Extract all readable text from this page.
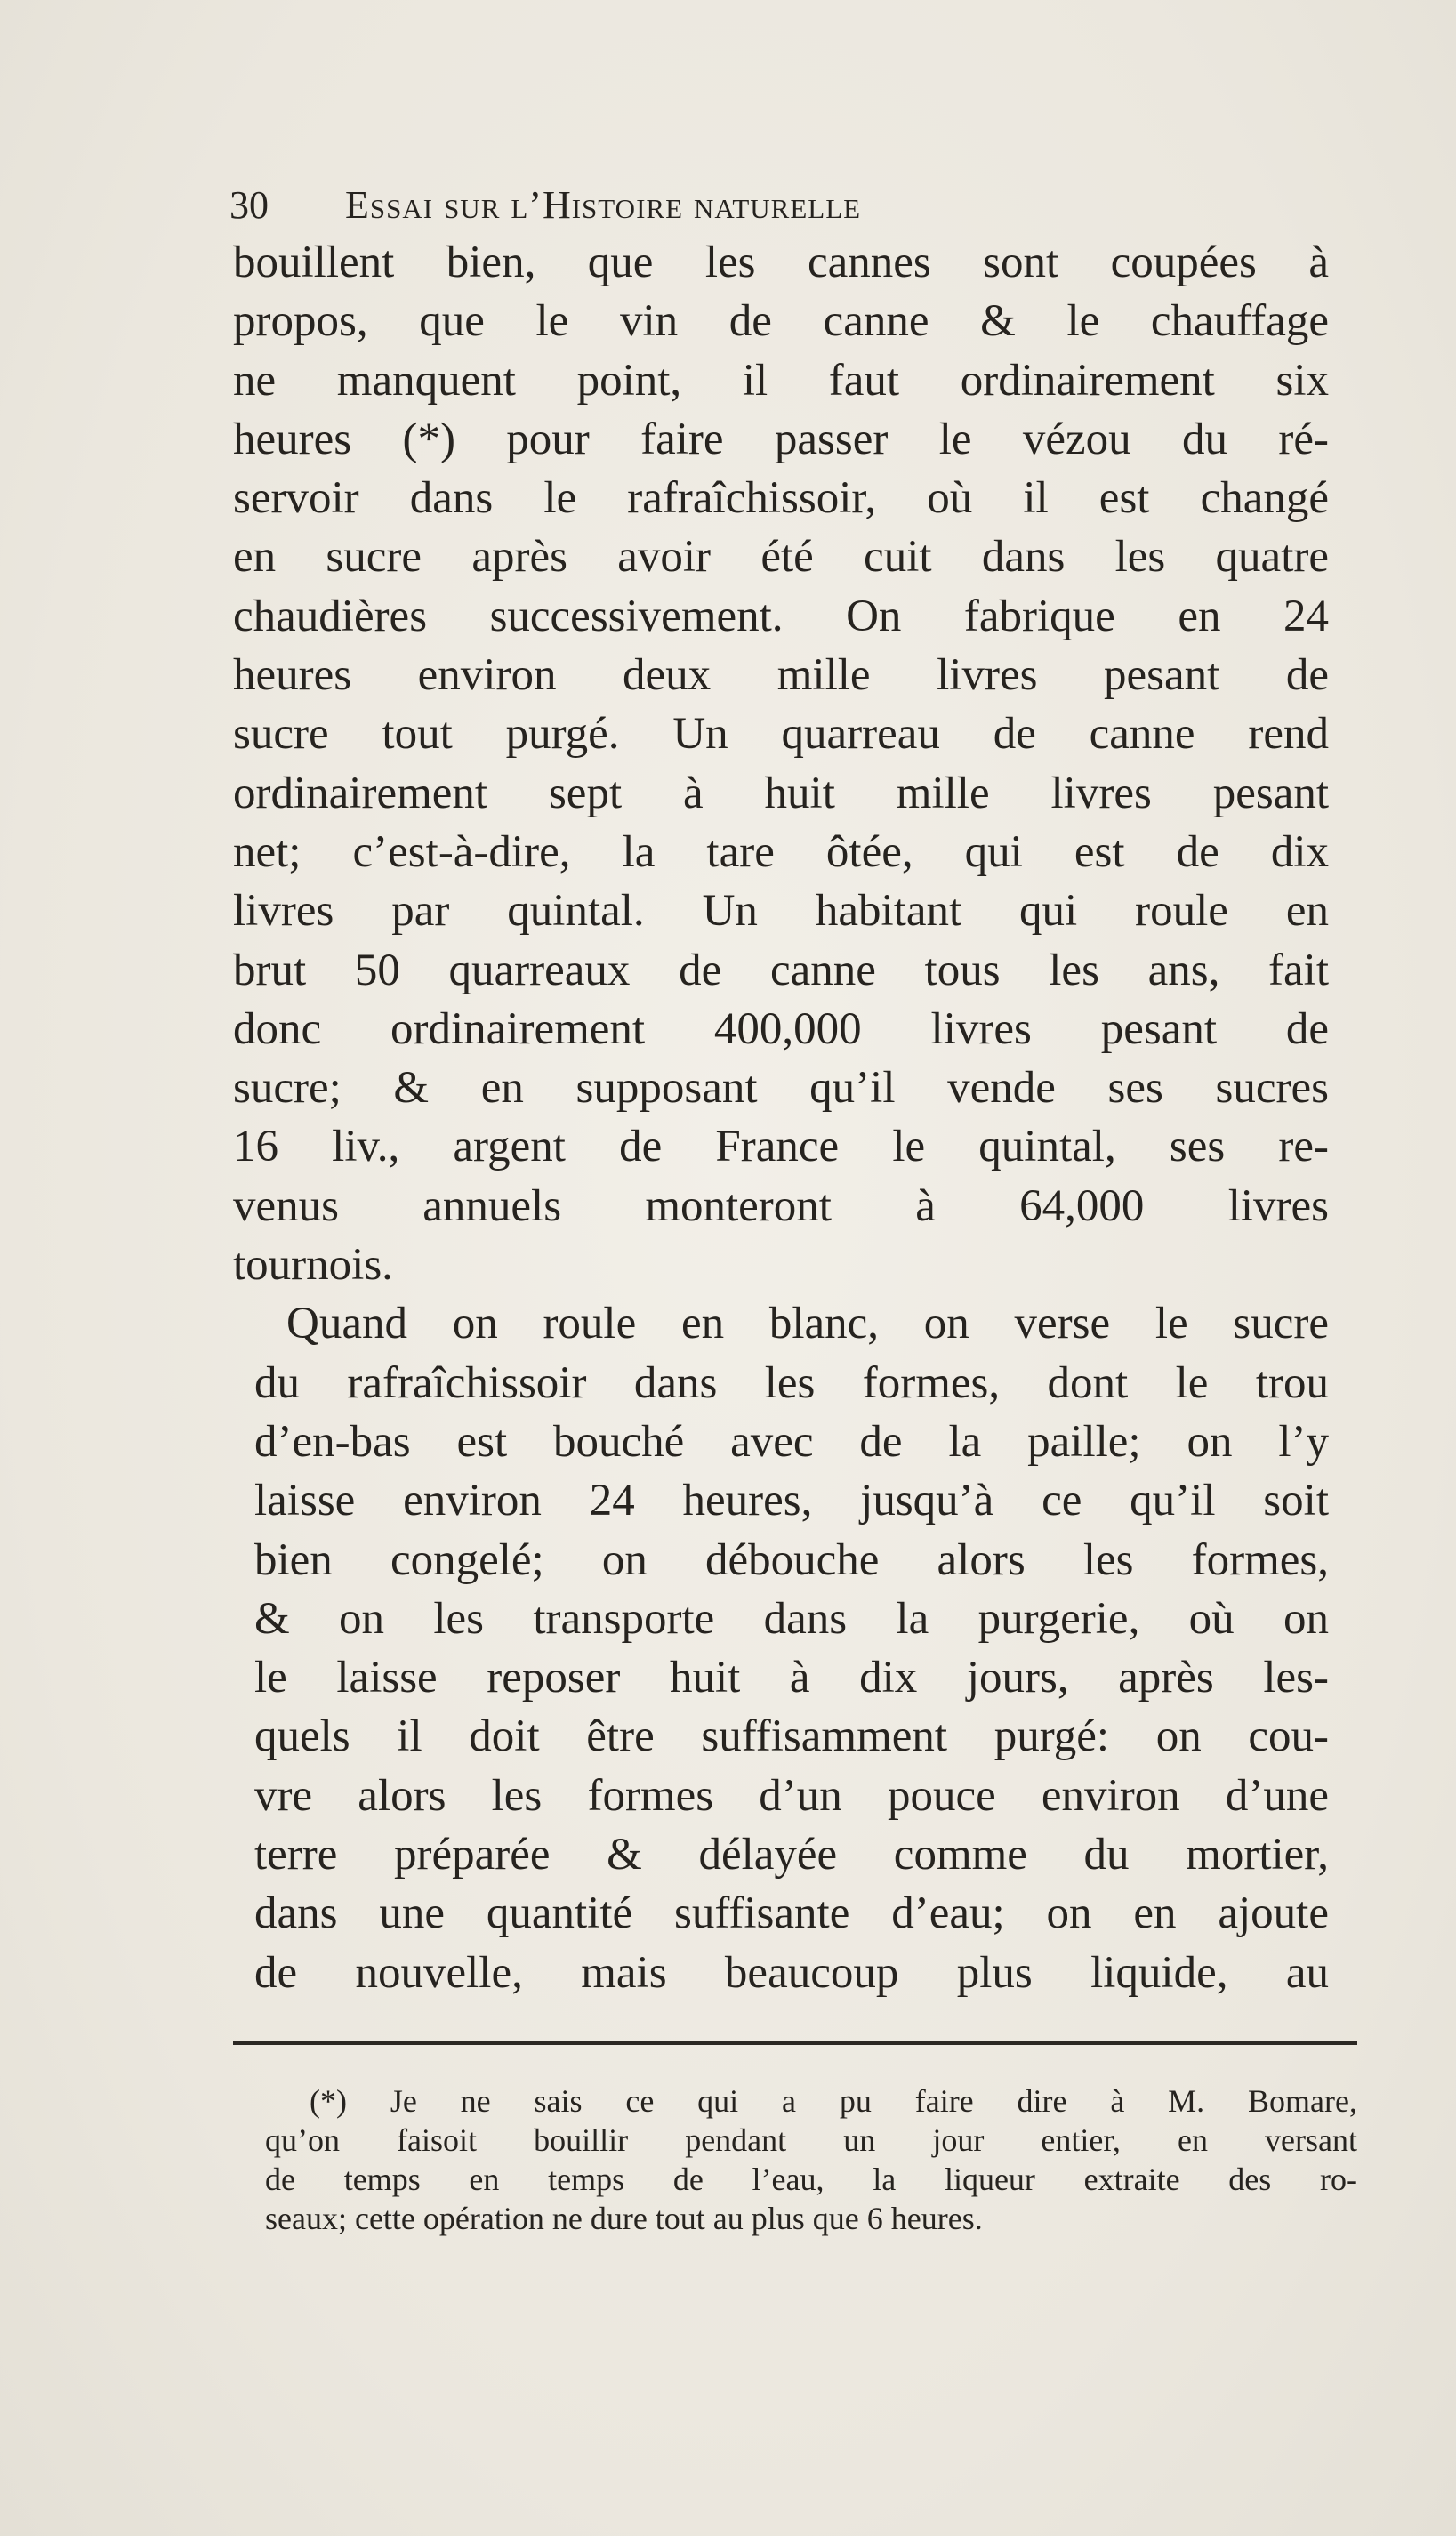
30 Essai sur l’Histoire naturelle
bouillent bien, que les cannes sont coupées à
propos, que le vin de canne & le chauffage
ne manquent point, il faut ordinairement six
heures (*) pour faire passer le vézou du ré-
servoir dans le rafraîchissoir, où il est changé
en sucre après avoir été cuit dans les quatre
chaudières successivement. On fabrique en 24
heures environ deux mille livres pesant de
sucre tout purgé. Un quarreau de canne rend
ordinairement sept à huit mille livres pesant
net; c’est-à-dire, la tare ôtée, qui est de dix
livres par quintal. Un habitant qui roule en
brut 50 quarreaux de canne tous les ans, fait
donc ordinairement 400,000 livres pesant de
sucre; & en supposant qu’il vende ses sucres
16 liv., argent de France le quintal, ses re-
venus annuels monteront à 64,000 livres
tournois.
Quand on roule en blanc, on verse le sucre
du rafraîchissoir dans les formes, dont le trou
d’en-bas est bouché avec de la paille; on l’y
laisse environ 24 heures, jusqu’à ce qu’il soit
bien congelé; on débouche alors les formes,
& on les transporte dans la purgerie, où on
le laisse reposer huit à dix jours, après les-
quels il doit être suffisamment purgé: on cou-
vre alors les formes d’un pouce environ d’une
terre préparée & délayée comme du mortier,
dans une quantité suffisante d’eau; on en ajoute
de nouvelle, mais beaucoup plus liquide, au
(*) Je ne sais ce qui a pu faire dire à M. Bomare,
qu’on faisoit bouillir pendant un jour entier, en versant
de temps en temps de l’eau, la liqueur extraite des ro-
seaux; cette opération ne dure tout au plus que 6 heures.
